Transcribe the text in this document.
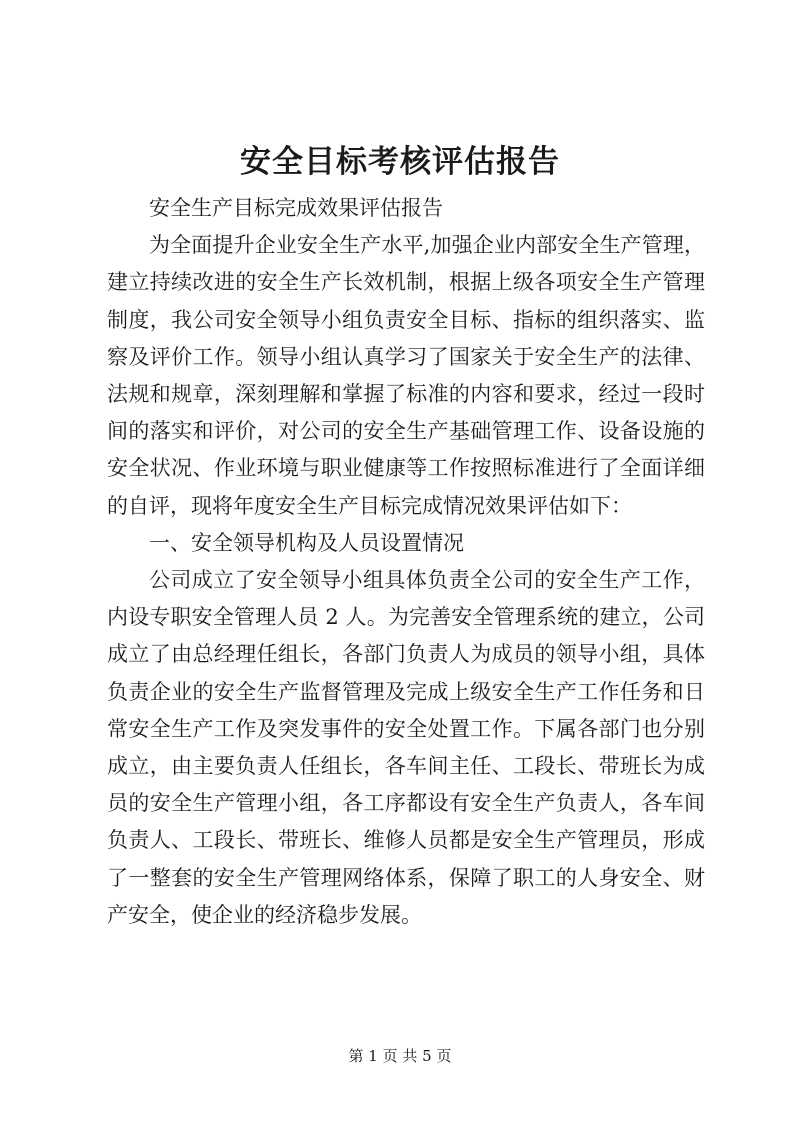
安全目标考核评估报告

安全生产目标完成效果评估报告

为全面提升企业安全生产水平,加强企业内部安全生产管理，建立持续改进的安全生产长效机制，根据上级各项安全生产管理制度，我公司安全领导小组负责安全目标、指标的组织落实、监察及评价工作。领导小组认真学习了国家关于安全生产的法律、法规和规章，深刻理解和掌握了标准的内容和要求，经过一段时间的落实和评价，对公司的安全生产基础管理工作、设备设施的安全状况、作业环境与职业健康等工作按照标准进行了全面详细的自评，现将年度安全生产目标完成情况效果评估如下：

一、安全领导机构及人员设置情况

公司成立了安全领导小组具体负责全公司的安全生产工作，内设专职安全管理人员 2 人。为完善安全管理系统的建立，公司成立了由总经理任组长，各部门负责人为成员的领导小组，具体负责企业的安全生产监督管理及完成上级安全生产工作任务和日常安全生产工作及突发事件的安全处置工作。下属各部门也分别成立，由主要负责人任组长，各车间主任、工段长、带班长为成员的安全生产管理小组，各工序都设有安全生产负责人，各车间负责人、工段长、带班长、维修人员都是安全生产管理员，形成了一整套的安全生产管理网络体系，保障了职工的人身安全、财产安全，使企业的经济稳步发展。

第 1 页 共 5 页
